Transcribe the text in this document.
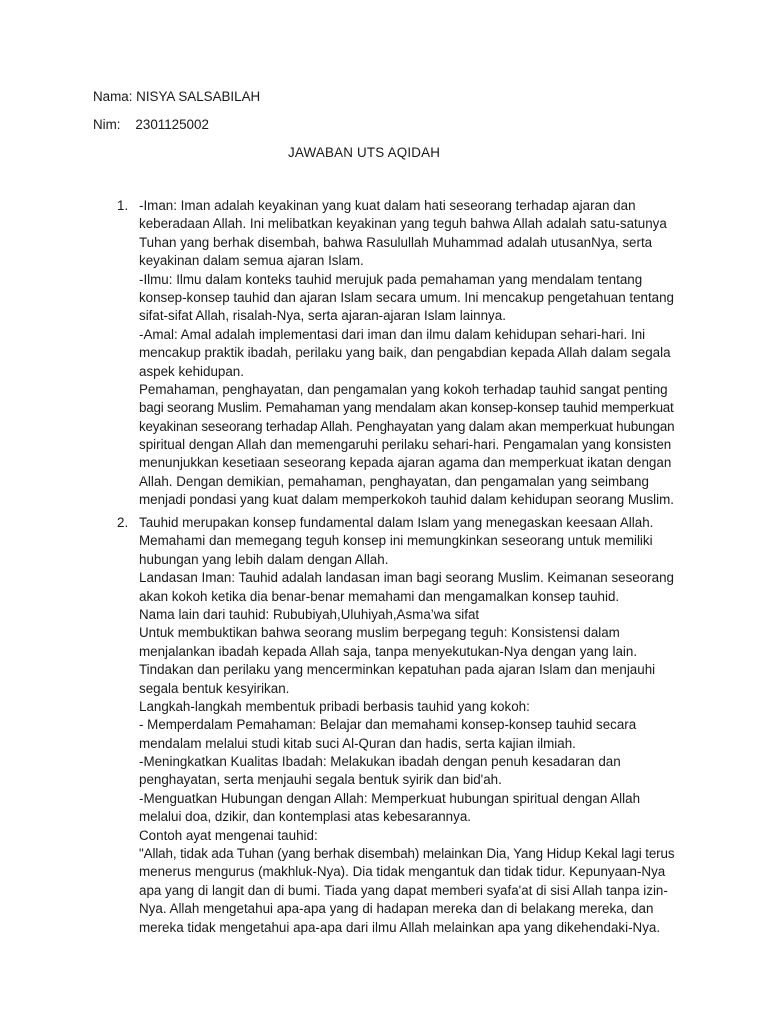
Nama: NISYA SALSABILAH
Nim: 2301125002
JAWABAN UTS AQIDAH
1. -Iman: Iman adalah keyakinan yang kuat dalam hati seseorang terhadap ajaran dan
keberadaan Allah. Ini melibatkan keyakinan yang teguh bahwa Allah adalah satu-satunya
Tuhan yang berhak disembah, bahwa Rasulullah Muhammad adalah utusanNya, serta
keyakinan dalam semua ajaran Islam.
-Ilmu: Ilmu dalam konteks tauhid merujuk pada pemahaman yang mendalam tentang
konsep-konsep tauhid dan ajaran Islam secara umum. Ini mencakup pengetahuan tentang
sifat-sifat Allah, risalah-Nya, serta ajaran-ajaran Islam lainnya.
-Amal: Amal adalah implementasi dari iman dan ilmu dalam kehidupan sehari-hari. Ini
mencakup praktik ibadah, perilaku yang baik, dan pengabdian kepada Allah dalam segala
aspek kehidupan.
Pemahaman, penghayatan, dan pengamalan yang kokoh terhadap tauhid sangat penting
bagi seorang Muslim. Pemahaman yang mendalam akan konsep-konsep tauhid memperkuat
keyakinan seseorang terhadap Allah. Penghayatan yang dalam akan memperkuat hubungan
spiritual dengan Allah dan memengaruhi perilaku sehari-hari. Pengamalan yang konsisten
menunjukkan kesetiaan seseorang kepada ajaran agama dan memperkuat ikatan dengan
Allah. Dengan demikian, pemahaman, penghayatan, dan pengamalan yang seimbang
menjadi pondasi yang kuat dalam memperkokoh tauhid dalam kehidupan seorang Muslim.
2. Tauhid merupakan konsep fundamental dalam Islam yang menegaskan keesaan Allah.
Memahami dan memegang teguh konsep ini memungkinkan seseorang untuk memiliki
hubungan yang lebih dalam dengan Allah.
Landasan Iman: Tauhid adalah landasan iman bagi seorang Muslim. Keimanan seseorang
akan kokoh ketika dia benar-benar memahami dan mengamalkan konsep tauhid.
Nama lain dari tauhid: Rububiyah,Uluhiyah,Asma’wa sifat
Untuk membuktikan bahwa seorang muslim berpegang teguh: Konsistensi dalam
menjalankan ibadah kepada Allah saja, tanpa menyekutukan-Nya dengan yang lain.
Tindakan dan perilaku yang mencerminkan kepatuhan pada ajaran Islam dan menjauhi
segala bentuk kesyirikan.
Langkah-langkah membentuk pribadi berbasis tauhid yang kokoh:
- Memperdalam Pemahaman: Belajar dan memahami konsep-konsep tauhid secara
mendalam melalui studi kitab suci Al-Quran dan hadis, serta kajian ilmiah.
-Meningkatkan Kualitas Ibadah: Melakukan ibadah dengan penuh kesadaran dan
penghayatan, serta menjauhi segala bentuk syirik dan bid'ah.
-Menguatkan Hubungan dengan Allah: Memperkuat hubungan spiritual dengan Allah
melalui doa, dzikir, dan kontemplasi atas kebesarannya.
Contoh ayat mengenai tauhid:
"Allah, tidak ada Tuhan (yang berhak disembah) melainkan Dia, Yang Hidup Kekal lagi terus
menerus mengurus (makhluk-Nya). Dia tidak mengantuk dan tidak tidur. Kepunyaan-Nya
apa yang di langit dan di bumi. Tiada yang dapat memberi syafa'at di sisi Allah tanpa izin-
Nya. Allah mengetahui apa-apa yang di hadapan mereka dan di belakang mereka, dan
mereka tidak mengetahui apa-apa dari ilmu Allah melainkan apa yang dikehendaki-Nya.
